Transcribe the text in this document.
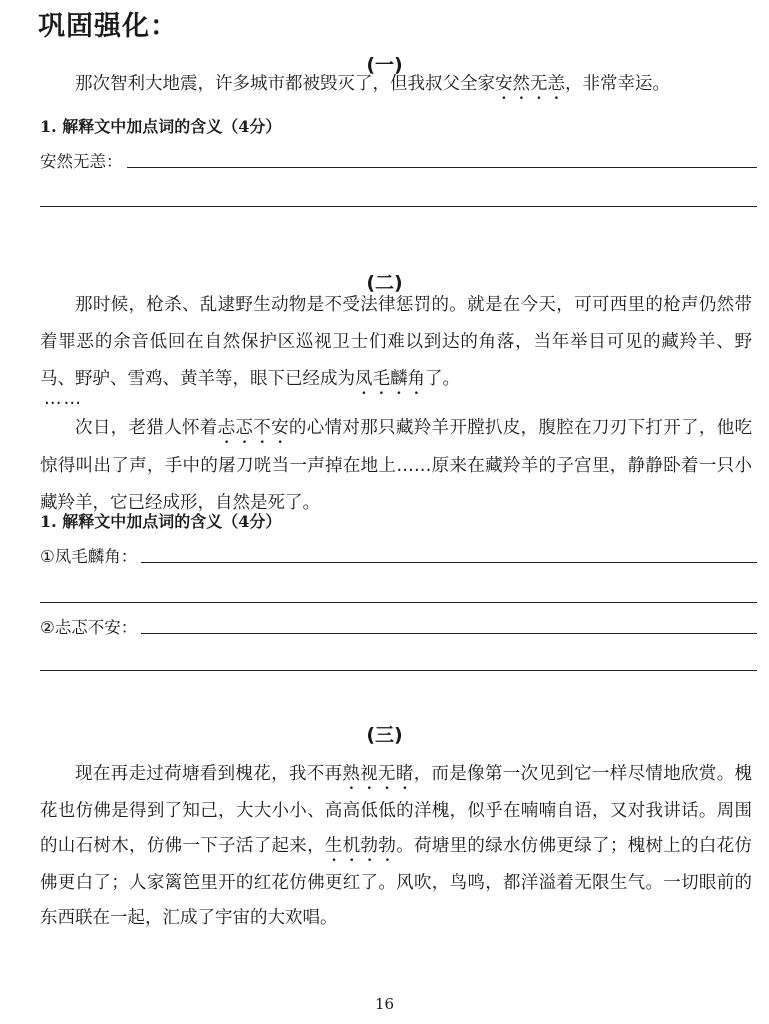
巩固强化：
(一)
那次智利大地震，许多城市都被毁灭了，但我叔父全家安然无恙，非常幸运。
1. 解释文中加点词的含义（4分）
安然无恙：
(二)
那时候，枪杀、乱逮野生动物是不受法律惩罚的。就是在今天，可可西里的枪声仍然带着罪恶的余音低回在自然保护区巡视卫士们难以到达的角落，当年举目可见的藏羚羊、野马、野驴、雪鸡、黄羊等，眼下已经成为凤毛麟角了。
……
次日，老猎人怀着忐忑不安的心情对那只藏羚羊开膛扒皮，腹腔在刀刃下打开了，他吃惊得叫出了声，手中的屠刀咣当一声掉在地上……原来在藏羚羊的子宫里，静静卧着一只小藏羚羊，它已经成形，自然是死了。
1. 解释文中加点词的含义（4分）
①凤毛麟角：
②忐忑不安：
(三)
现在再走过荷塘看到槐花，我不再熟视无睹，而是像第一次见到它一样尽情地欣赏。槐花也仿佛是得到了知己，大大小小、高高低低的洋槐，似乎在喃喃自语，又对我讲话。周围的山石树木，仿佛一下子活了起来，生机勃勃。荷塘里的绿水仿佛更绿了；槐树上的白花仿佛更白了；人家篱笆里开的红花仿佛更红了。风吹，鸟鸣，都洋溢着无限生气。一切眼前的东西联在一起，汇成了宇宙的大欢唱。
16
